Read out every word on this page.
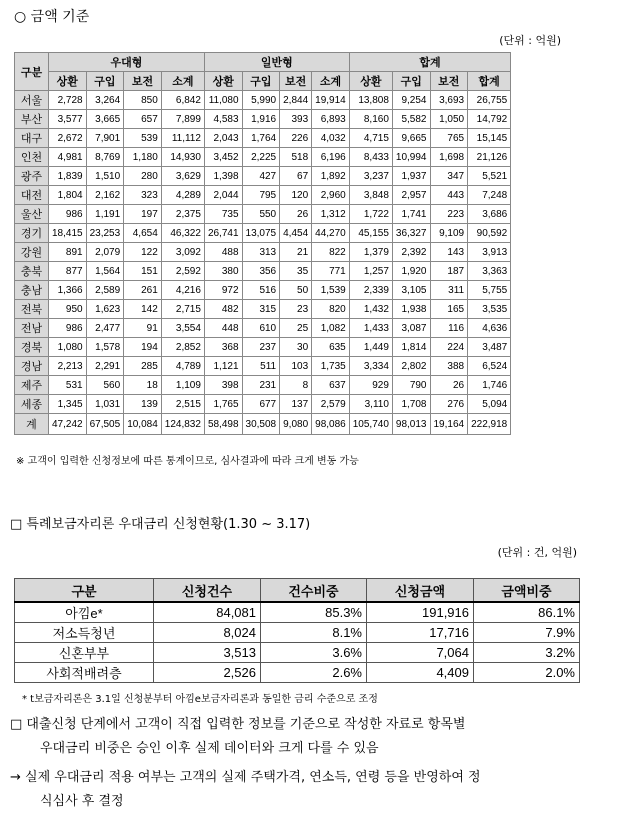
○ 금액 기준
(단위 : 억원)
구분	우대형				일반형				합계			
	상환	구입	보전	소계	상환	구입	보전	소계	상환	구입	보전	합계
서울	2,728	3,264	850	6,842	11,080	5,990	2,844	19,914	13,808	9,254	3,693	26,755
부산	3,577	3,665	657	7,899	4,583	1,916	393	6,893	8,160	5,582	1,050	14,792
대구	2,672	7,901	539	11,112	2,043	1,764	226	4,032	4,715	9,665	765	15,145
인천	4,981	8,769	1,180	14,930	3,452	2,225	518	6,196	8,433	10,994	1,698	21,126
광주	1,839	1,510	280	3,629	1,398	427	67	1,892	3,237	1,937	347	5,521
대전	1,804	2,162	323	4,289	2,044	795	120	2,960	3,848	2,957	443	7,248
울산	986	1,191	197	2,375	735	550	26	1,312	1,722	1,741	223	3,686
경기	18,415	23,253	4,654	46,322	26,741	13,075	4,454	44,270	45,155	36,327	9,109	90,592
강원	891	2,079	122	3,092	488	313	21	822	1,379	2,392	143	3,913
충북	877	1,564	151	2,592	380	356	35	771	1,257	1,920	187	3,363
충남	1,366	2,589	261	4,216	972	516	50	1,539	2,339	3,105	311	5,755
전북	950	1,623	142	2,715	482	315	23	820	1,432	1,938	165	3,535
전남	986	2,477	91	3,554	448	610	25	1,082	1,433	3,087	116	4,636
경북	1,080	1,578	194	2,852	368	237	30	635	1,449	1,814	224	3,487
경남	2,213	2,291	285	4,789	1,121	511	103	1,735	3,334	2,802	388	6,524
제주	531	560	18	1,109	398	231	8	637	929	790	26	1,746
세종	1,345	1,031	139	2,515	1,765	677	137	2,579	3,110	1,708	276	5,094
계	47,242	67,505	10,084	124,832	58,498	30,508	9,080	98,086	105,740	98,013	19,164	222,918
※ 고객이 입력한 신청정보에 따른 통계이므로, 심사결과에 따라 크게 변동 가능
□ 특례보금자리론 우대금리 신청현황(1.30 ~ 3.17)
(단위 : 건, 억원)
구분	신청건수	건수비중	신청금액	금액비중
아낌e*	84,081	85.3%	191,916	86.1%
저소득청년	8,024	8.1%	17,716	7.9%
신혼부부	3,513	3.6%	7,064	3.2%
사회적배려층	2,526	2.6%	4,409	2.0%
* t보금자리론은 3.1일 신청분부터 아낌e보금자리론과 동일한 금리 수준으로 조정
□ 대출신청 단계에서 고객이 직접 입력한 정보를 기준으로 작성한 자료로 항목별
우대금리 비중은 승인 이후 실제 데이터와 크게 다를 수 있음
→ 실제 우대금리 적용 여부는 고객의 실제 주택가격, 연소득, 연령 등을 반영하여 정
식심사 후 결정
